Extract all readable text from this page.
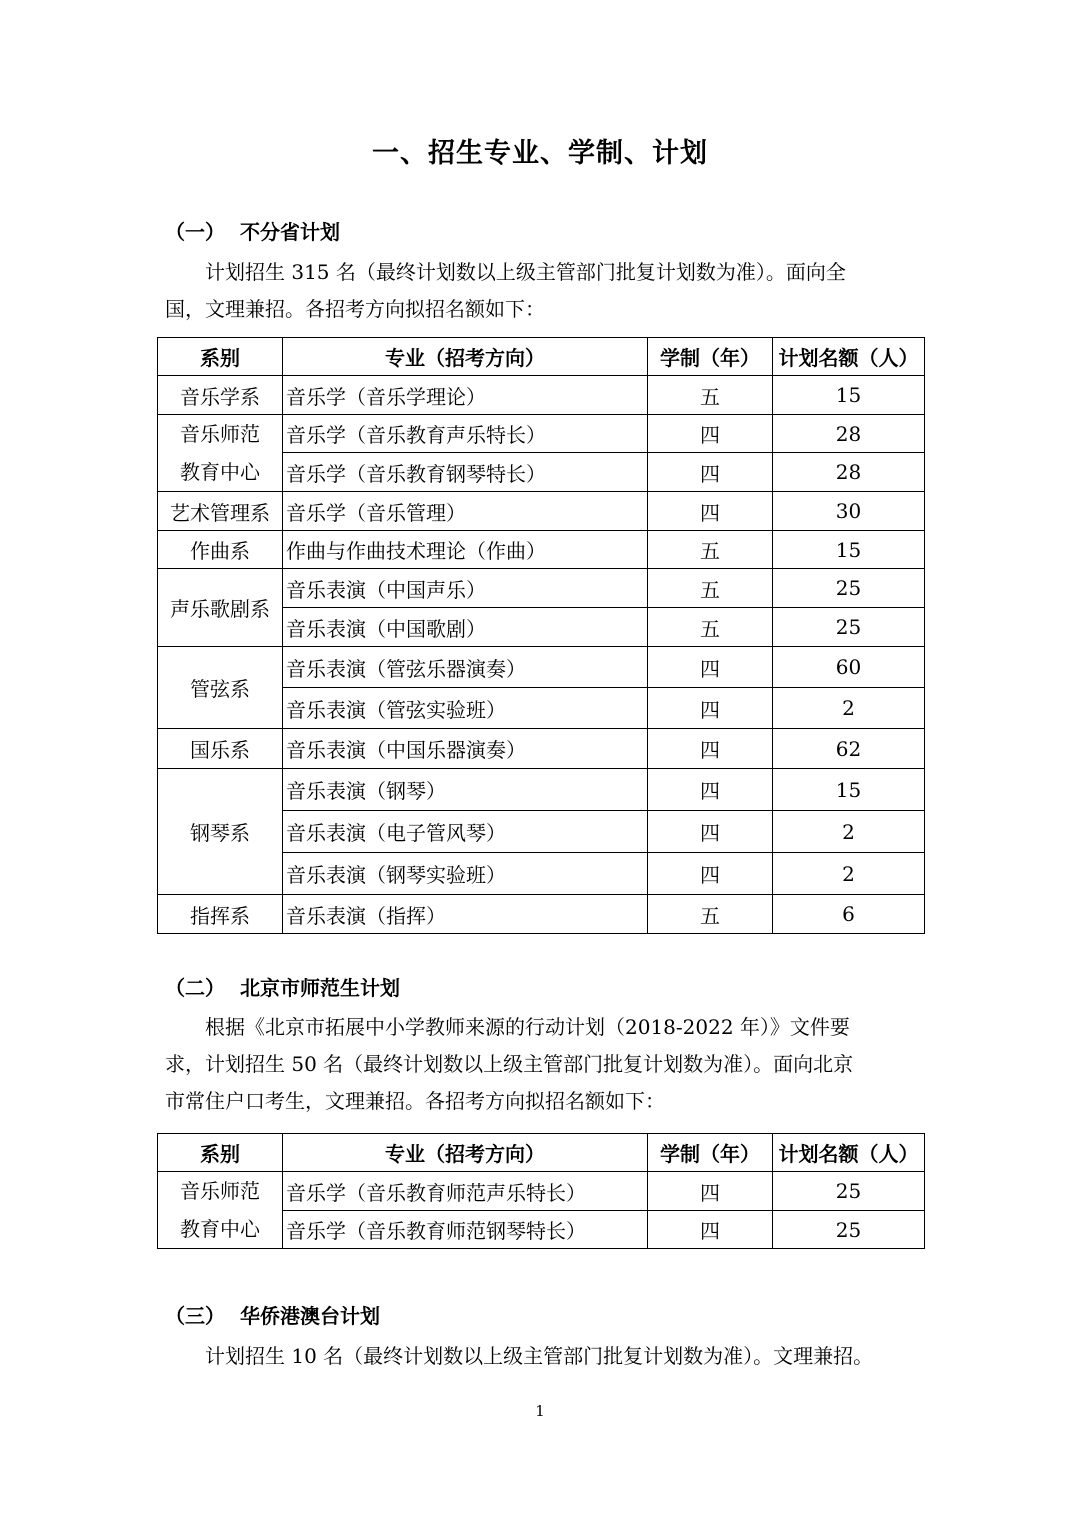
一、招生专业、学制、计划
（一） 不分省计划
　　计划招生 315 名（最终计划数以上级主管部门批复计划数为准）。面向全
国，文理兼招。各招考方向拟招名额如下：
系别	专业（招考方向）	学制（年）	计划名额（人）

音乐学系	音乐学（音乐学理论）	五	15

音乐师范
教育中心	音乐学（音乐教育声乐特长）	四	28
	音乐学（音乐教育钢琴特长）	四	28

艺术管理系	音乐学（音乐管理）	四	30

作曲系	作曲与作曲技术理论（作曲）	五	15

声乐歌剧系	音乐表演（中国声乐）	五	25
	音乐表演（中国歌剧）	五	25

管弦系	音乐表演（管弦乐器演奏）	四	60
	音乐表演（管弦实验班）	四	2

国乐系	音乐表演（中国乐器演奏）	四	62

钢琴系	音乐表演（钢琴）	四	15
	音乐表演（电子管风琴）	四	2
	音乐表演（钢琴实验班）	四	2

指挥系	音乐表演（指挥）	五	6
（二） 北京市师范生计划
　　根据《北京市拓展中小学教师来源的行动计划（2018-2022 年）》文件要
求，计划招生 50 名（最终计划数以上级主管部门批复计划数为准）。面向北京
市常住户口考生，文理兼招。各招考方向拟招名额如下：
系别	专业（招考方向）	学制（年）	计划名额（人）

音乐师范
教育中心	音乐学（音乐教育师范声乐特长）	四	25
	音乐学（音乐教育师范钢琴特长）	四	25
（三） 华侨港澳台计划
　　计划招生 10 名（最终计划数以上级主管部门批复计划数为准）。文理兼招。
1
